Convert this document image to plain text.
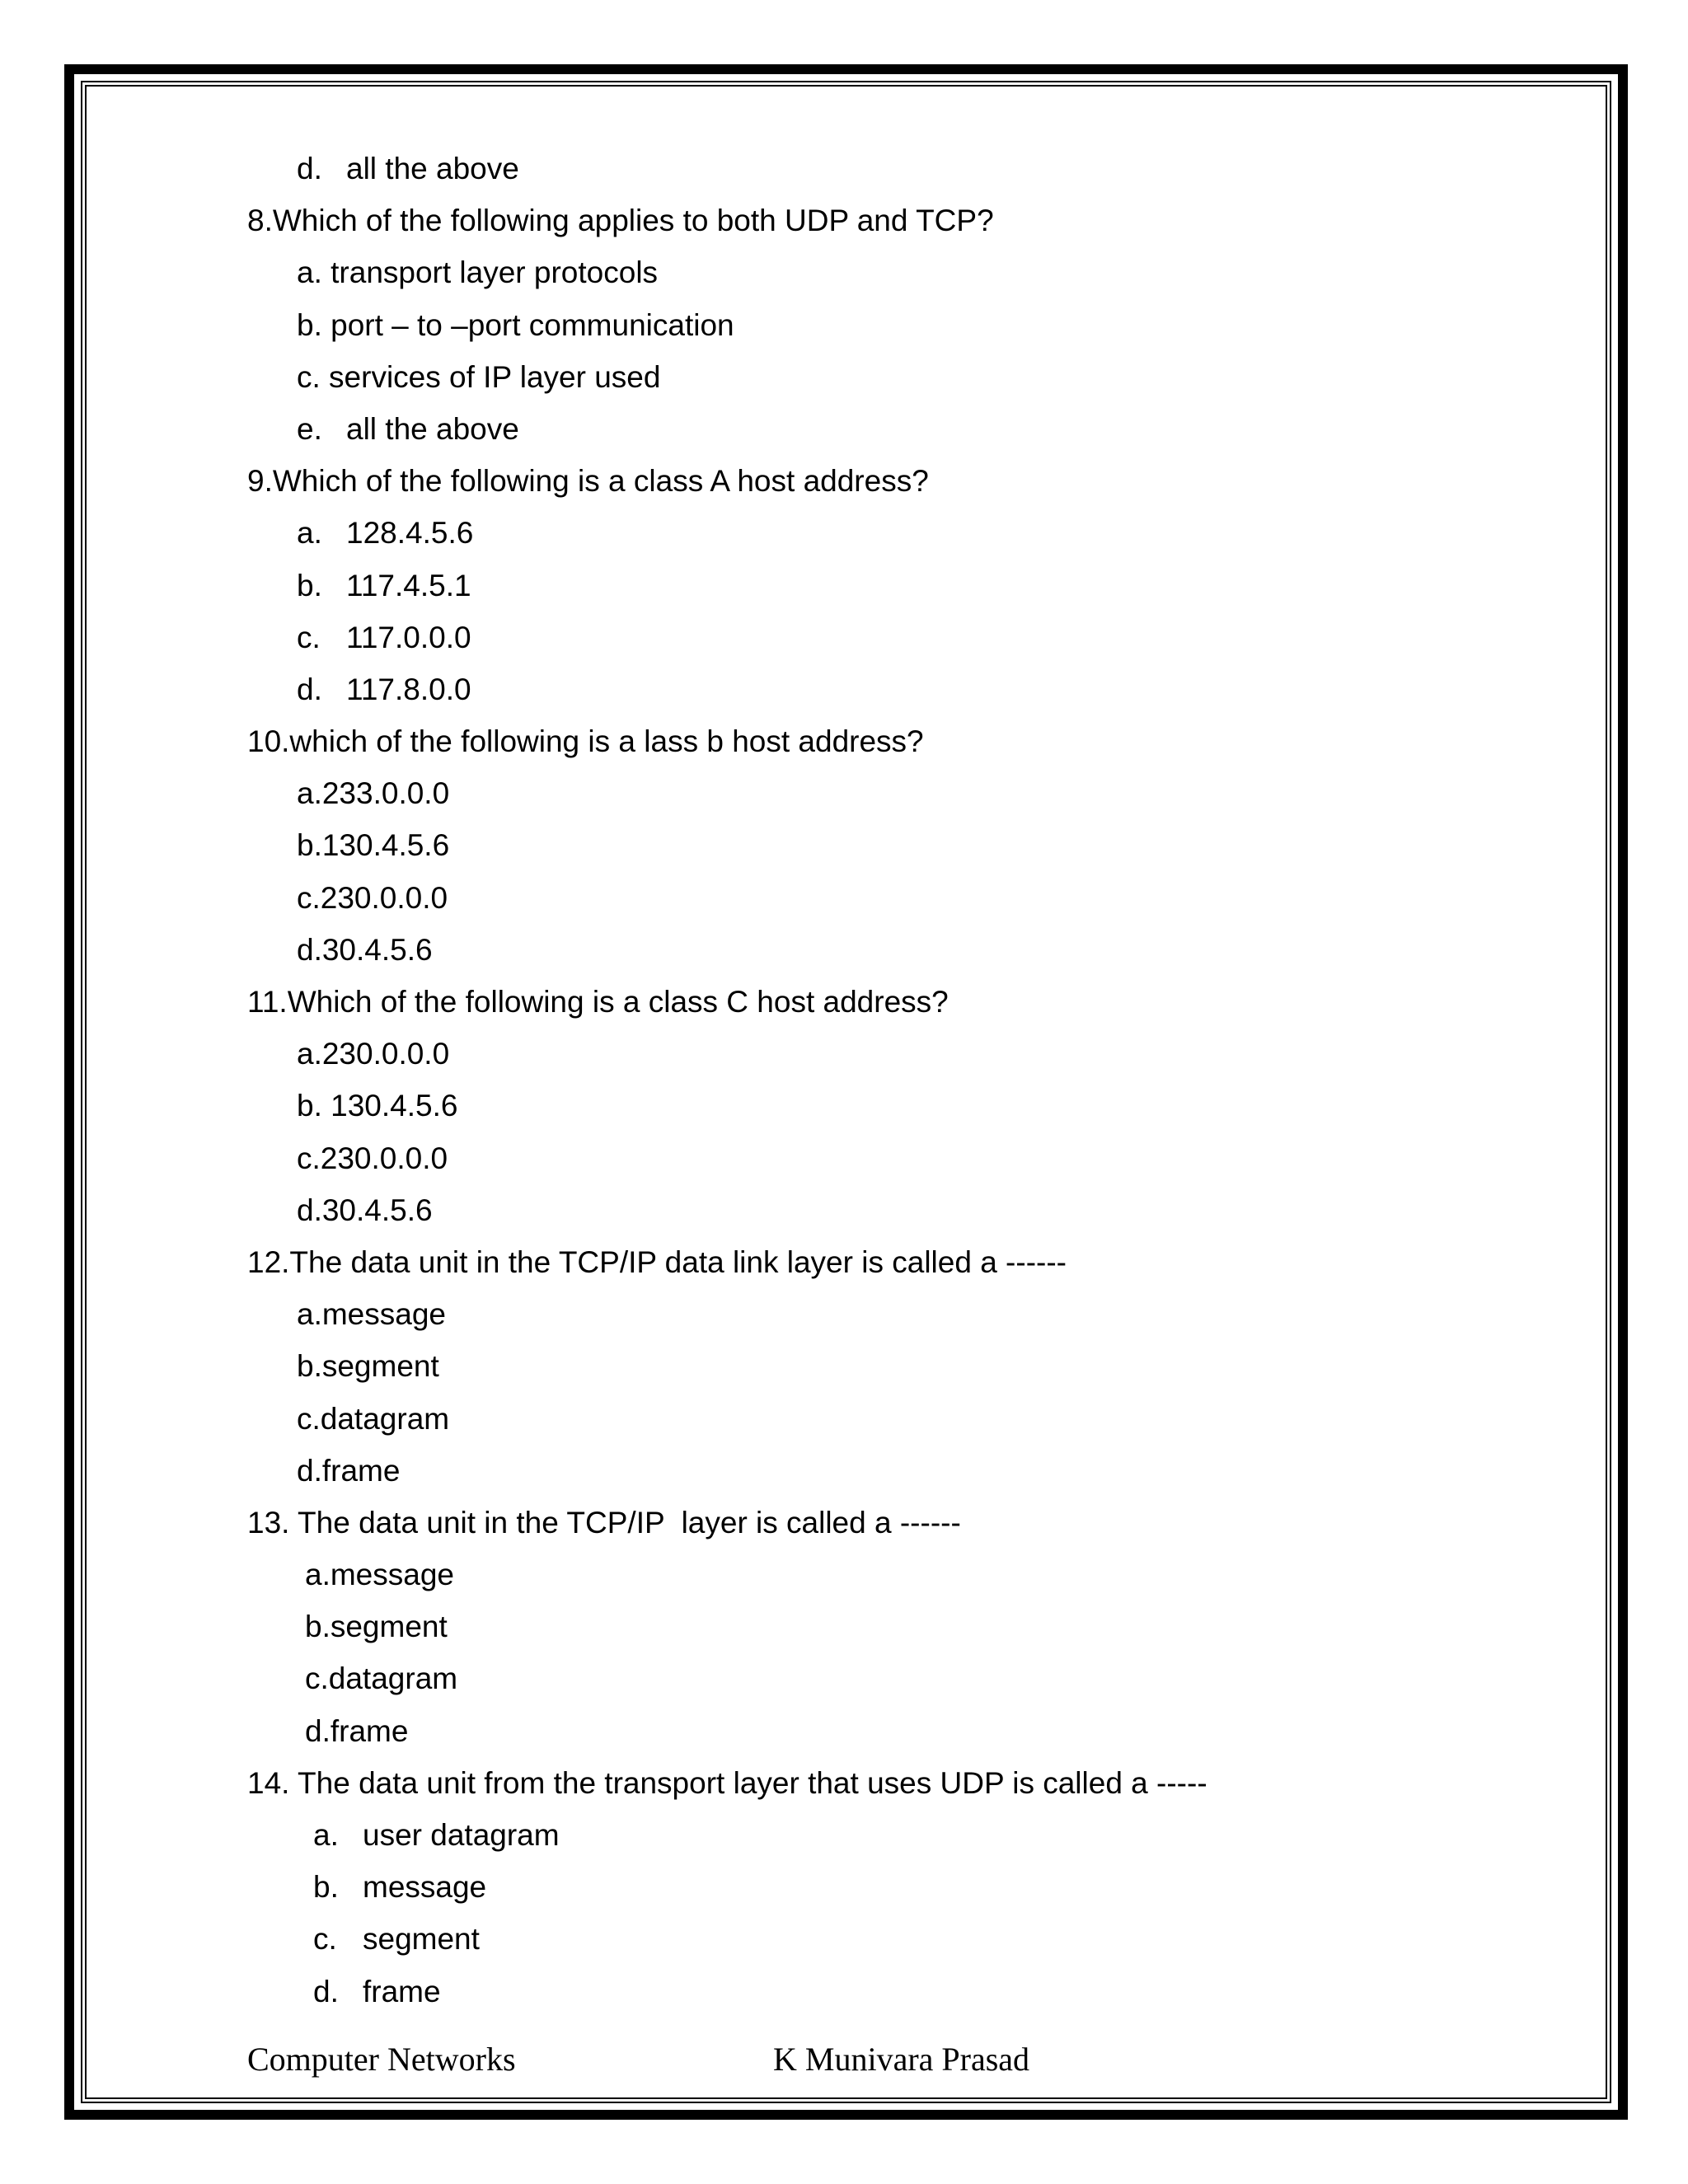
d. all the above
8.Which of the following applies to both UDP and TCP?
a. transport layer protocols
b. port – to –port communication
c. services of IP layer used
e. all the above
9.Which of the following is a class A host address?
a. 128.4.5.6
b. 117.4.5.1
c. 117.0.0.0
d. 117.8.0.0
10.which of the following is a lass b host address?
a.233.0.0.0
b.130.4.5.6
c.230.0.0.0
d.30.4.5.6
11.Which of the following is a class C host address?
a.230.0.0.0
b. 130.4.5.6
c.230.0.0.0
d.30.4.5.6
12.The data unit in the TCP/IP data link layer is called a ------
a.message
b.segment
c.datagram
d.frame
13. The data unit in the TCP/IP  layer is called a ------
a.message
b.segment
c.datagram
d.frame
14. The data unit from the transport layer that uses UDP is called a -----
a. user datagram
b. message
c. segment
d. frame
Computer Networks	K Munivara Prasad
